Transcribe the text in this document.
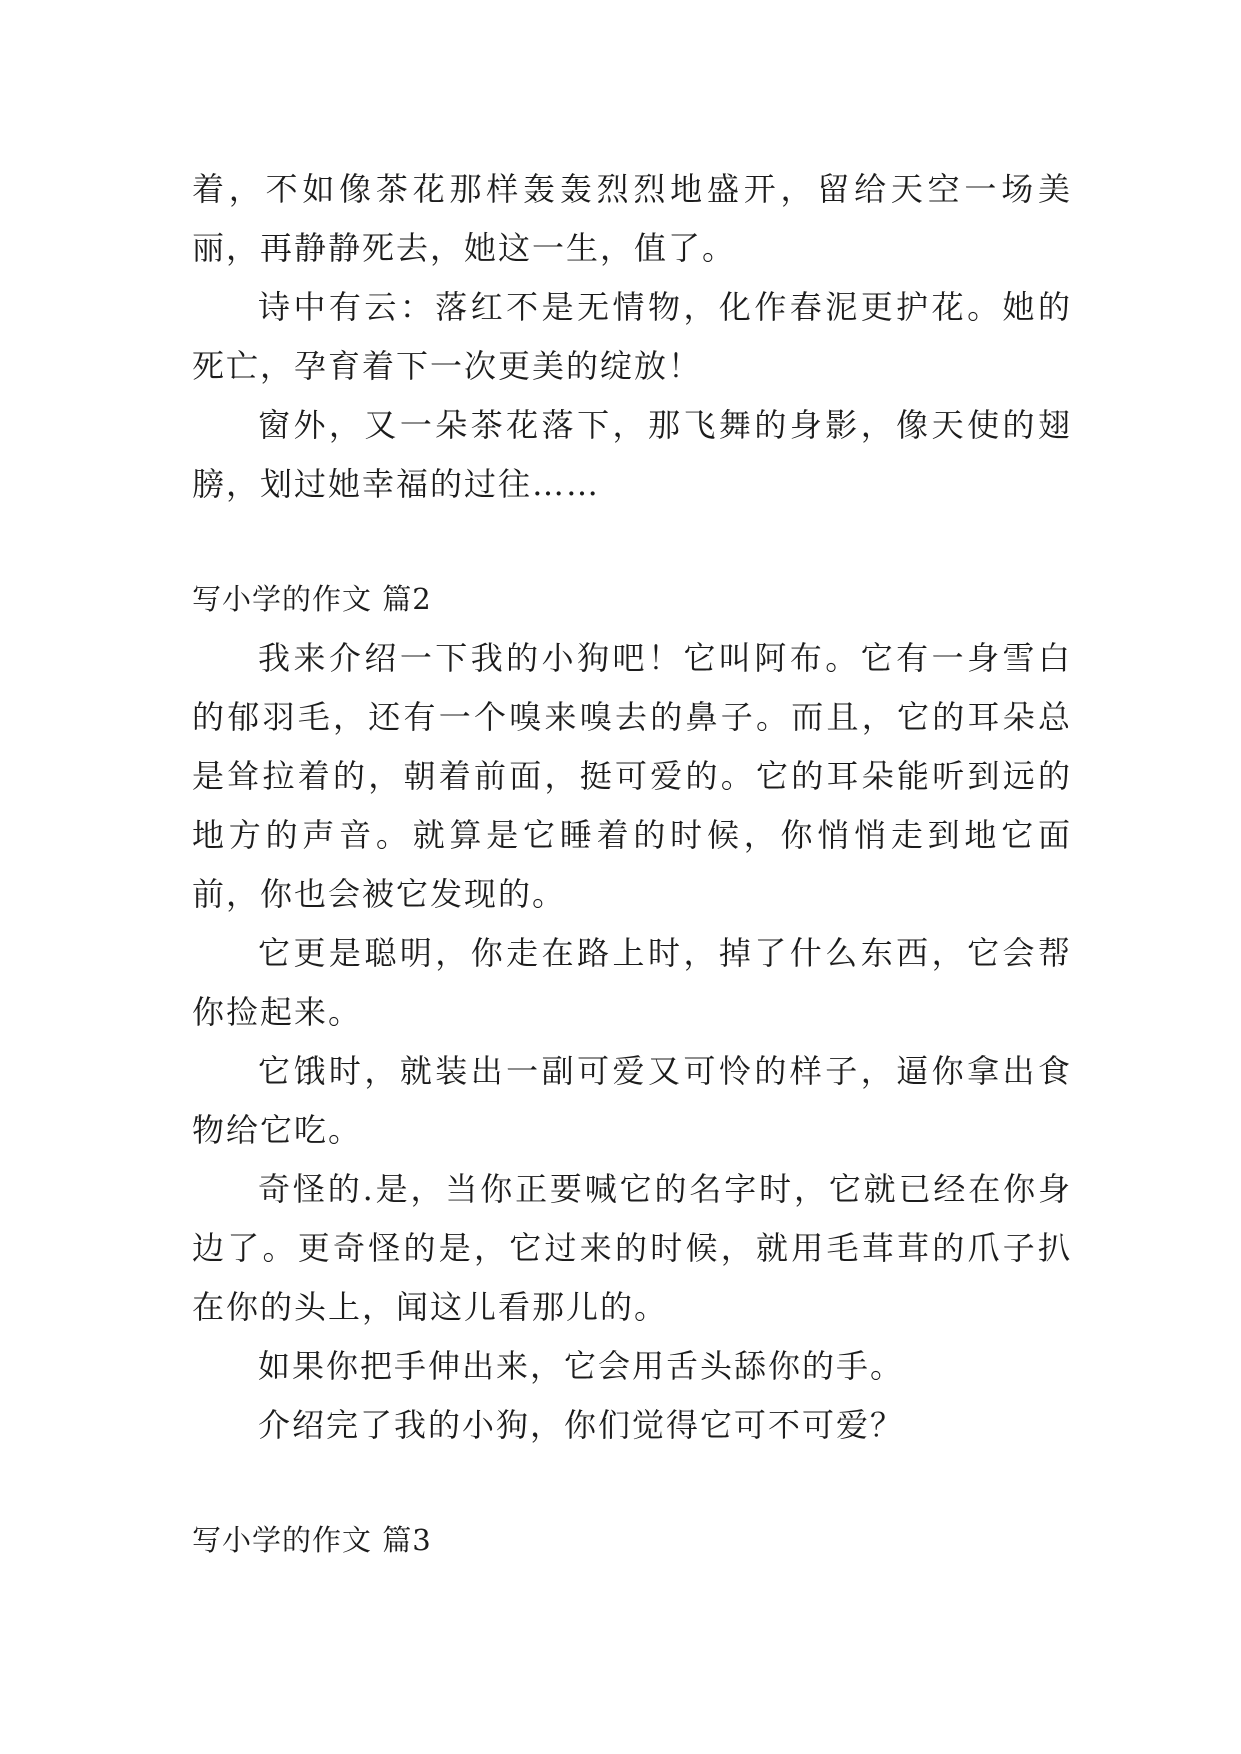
着，不如像茶花那样轰轰烈烈地盛开，留给天空一场美丽，再静静死去，她这一生，值了。

诗中有云：落红不是无情物，化作春泥更护花。她的死亡，孕育着下一次更美的绽放！

窗外，又一朵茶花落下，那飞舞的身影，像天使的翅膀，划过她幸福的过往……

写小学的作文 篇2

我来介绍一下我的小狗吧！它叫阿布。它有一身雪白的郁羽毛，还有一个嗅来嗅去的鼻子。而且，它的耳朵总是耸拉着的，朝着前面，挺可爱的。它的耳朵能听到远的地方的声音。就算是它睡着的时候，你悄悄走到地它面前，你也会被它发现的。

它更是聪明，你走在路上时，掉了什么东西，它会帮你捡起来。

它饿时，就装出一副可爱又可怜的样子，逼你拿出食物给它吃。

奇怪的.是，当你正要喊它的名字时，它就已经在你身边了。更奇怪的是，它过来的时候，就用毛茸茸的爪子扒在你的头上，闻这儿看那儿的。

如果你把手伸出来，它会用舌头舔你的手。

介绍完了我的小狗，你们觉得它可不可爱？

写小学的作文 篇3
